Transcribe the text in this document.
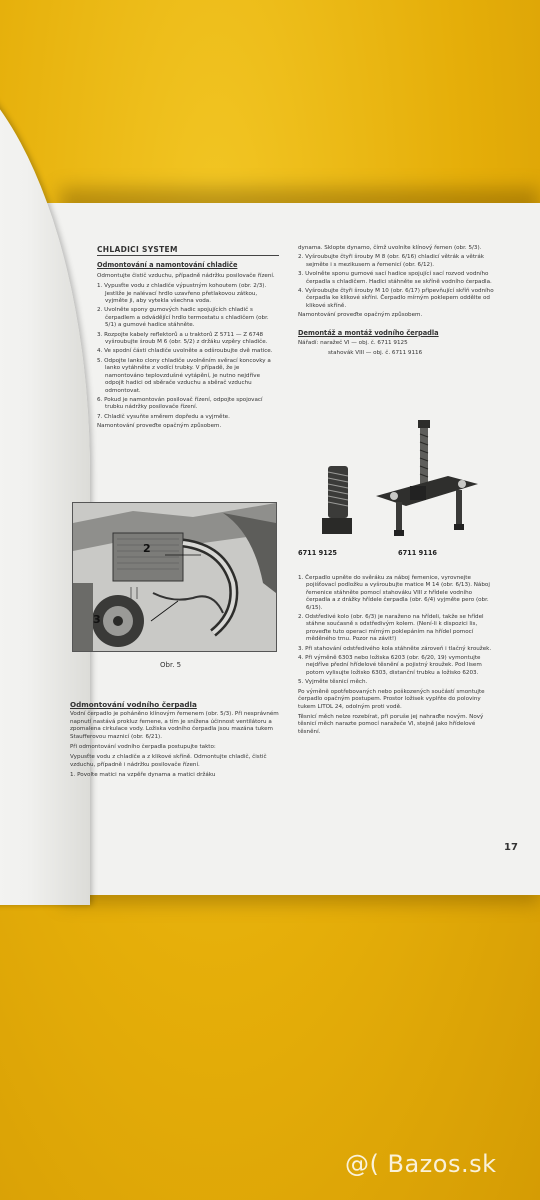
CHLADICI SYSTEM
Odmontování a namontování chladiče
Odmontujte čistič vzduchu, případně nádržku posilovače řízení.
1. Vypusťte vodu z chladiče výpustným kohoutem (obr. 2/3). Jestliže je nalévací hrdlo uzavřeno přetlakovou zátkou, vyjměte ji, aby vytekla všechna voda.
2. Uvolněte spony gumových hadic spojujících chladič s čerpadlem a odvádějící hrdlo termostatu s chladičem (obr. 5/1) a gumové hadice stáhněte.
3. Rozpojte kabely reflektorů a u traktorů Z 5711 — Z 6748 vyšroubujte šroub M 6 (obr. 5/2) z držáku vzpěry chladiče.
4. Ve spodní části chladiče uvolněte a odšroubujte dvě matice.
5. Odpojte lanko clony chladiče uvolněním svěrací koncovky a lanko vytáhněte z vodící trubky. V případě, že je namontováno teplovzdušné vytápění, je nutno nejdříve odpojit hadici od sběrače vzduchu a sběrač vzduchu odmontovat.
6. Pokud je namontován posilovač řízení, odpojte spojovací trubku nádržky posilovače řízení.
7. Chladič vysuňte směrem dopředu a vyjměte.
Namontování proveďte opačným způsobem.
2
3
Obr. 5
Odmontování vodního čerpadla
Vodní čerpadlo je poháněno klínovým řemenem (obr. 5/3). Při nesprávném napnutí nastává prokluz řemene, a tím je snížena účinnost ventilátoru a zpomalena cirkulace vody. Ložiska vodního čerpadla jsou mazána tukem Stauﬀerovou maznicí (obr. 6/21).
Při odmontování vodního čerpadla postupujte takto:
Vypusťte vodu z chladiče a z klikové skříně. Odmontujte chladič, čistič vzduchu, případně i nádržku posilovače řízení.
1. Povolte matici na vzpěře dynama a matici držáku
dynama. Sklopte dynamo, čímž uvolníte klínový řemen (obr. 5/3).
2. Vyšroubujte čtyři šrouby M 8 (obr. 6/16) chladicí větrák a větrák sejměte i s mezikusem a řemenicí (obr. 6/12).
3. Uvolněte sponu gumové sací hadice spojující sací rozvod vodního čerpadla s chladičem. Hadici stáhněte se skříně vodního čerpadla.
4. Vyšroubujte čtyři šrouby M 10 (obr. 6/17) připevňující skříň vodního čerpadla ke klikové skříni. Čerpadlo mírným poklepem oddělte od klikové skříně.
Namontování proveďte opačným způsobem.
Demontáž a montáž vodního čerpadla
Nářadí: naražeč VI — obj. č. 6711 9125
stahovák VIII — obj. č. 6711 9116
6711 9125	6711 9116
1. Čerpadlo upněte do svěráku za náboj řemenice, vyrovnejte pojišťovací podložku a vyšroubujte matice M 14 (obr. 6/13). Náboj řemenice stáhněte pomocí stahováku VIII z hřídele vodního čerpadla a z drážky hřídele čerpadla (obr. 6/4) vyjměte pero (obr. 6/15).
2. Odstředivé kolo (obr. 6/3) je naraženo na hřídeli, takže se hřídel stáhne současně s odstředivým kolem. (Není-li k dispozici lis, proveďte tuto operaci mírným poklepáním na hřídel pomocí měděného trnu. Pozor na závit!)
3. Při stahování odstředivého kola stáhněte zároveň i tlačný kroužek.
4. Při výměně 6303 nebo ložiska 6203 (obr. 6/20, 19) vymontujte nejdříve přední hřídelové těsnění a pojistný kroužek. Pod lisem potom vylisujte ložisko 6303, distanční trubku a ložisko 6203.
5. Vyjměte těsnicí měch.
Po výměně opotřebovaných nebo poškozených součástí smontujte čerpadlo opačným postupem. Prostor ložisek vyplňte do poloviny tukem LITOL 24, odolným proti vodě.
Těsnicí měch nelze rozebírat, při poruše jej nahraďte novým. Nový těsnicí měch narazte pomocí naražeče VI, stejně jako hřídelové těsnění.
17
@( Bazos.sk
